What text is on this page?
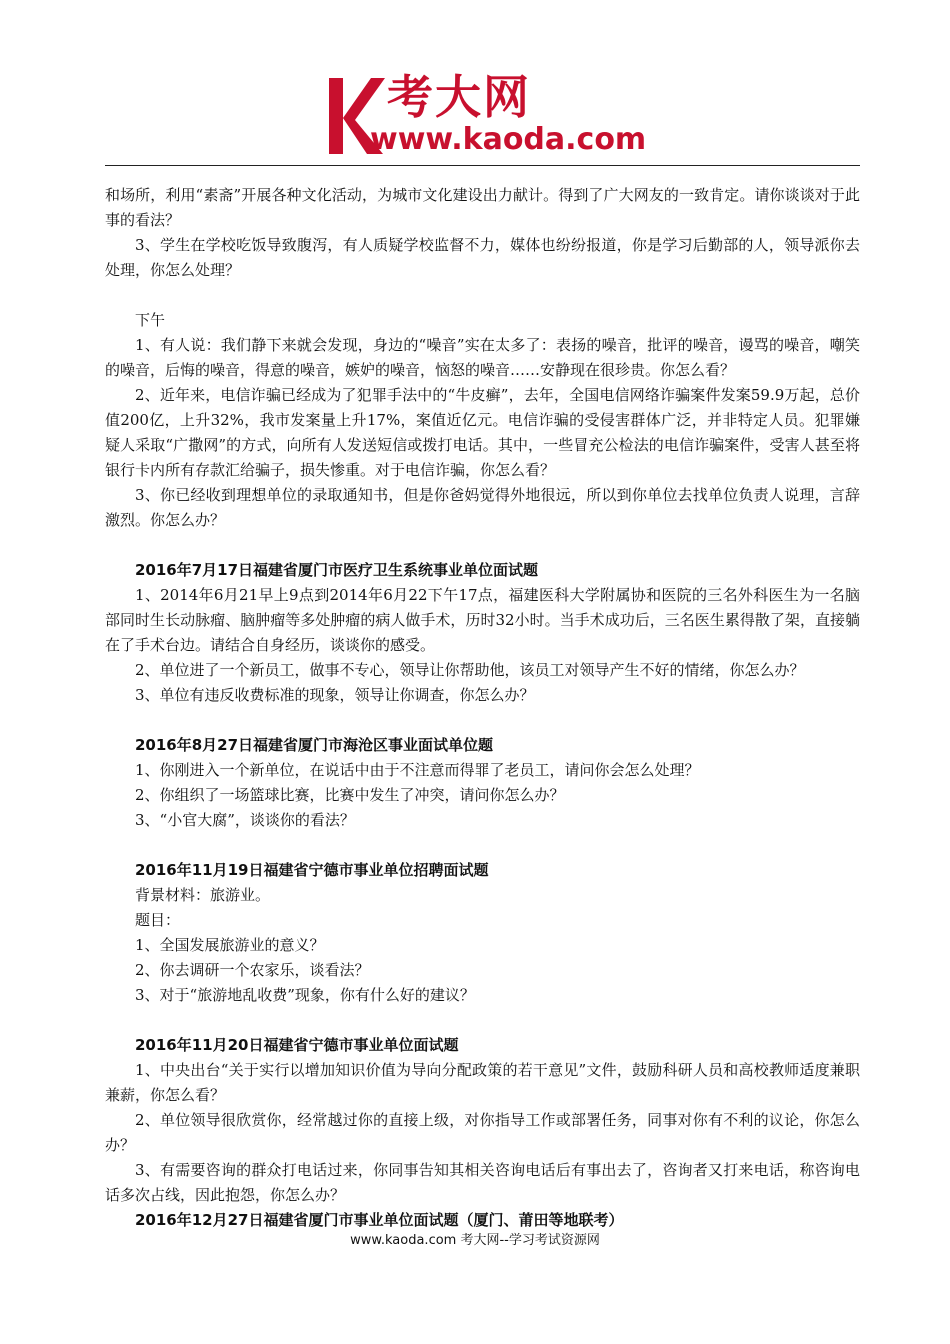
考大网
www.kaoda.com

和场所，利用“素斋”开展各种文化活动，为城市文化建设出力献计。得到了广大网友的一致肯定。请你谈谈对于此事的看法？

3、学生在学校吃饭导致腹泻，有人质疑学校监督不力，媒体也纷纷报道，你是学习后勤部的人，领导派你去处理，你怎么处理？

下午

1、有人说：我们静下来就会发现，身边的“噪音”实在太多了：表扬的噪音，批评的噪音，谩骂的噪音，嘲笑的噪音，后悔的噪音，得意的噪音，嫉妒的噪音，恼怒的噪音……安静现在很珍贵。你怎么看？

2、近年来，电信诈骗已经成为了犯罪手法中的“牛皮癣”，去年，全国电信网络诈骗案件发案59.9万起，总价值200亿，上升32%，我市发案量上升17%，案值近亿元。电信诈骗的受侵害群体广泛，并非特定人员。犯罪嫌疑人采取“广撒网”的方式，向所有人发送短信或拨打电话。其中，一些冒充公检法的电信诈骗案件，受害人甚至将银行卡内所有存款汇给骗子，损失惨重。对于电信诈骗，你怎么看？

3、你已经收到理想单位的录取通知书，但是你爸妈觉得外地很远，所以到你单位去找单位负责人说理，言辞激烈。你怎么办？

2016年7月17日福建省厦门市医疗卫生系统事业单位面试题

1、2014年6月21早上9点到2014年6月22下午17点，福建医科大学附属协和医院的三名外科医生为一名脑部同时生长动脉瘤、脑肿瘤等多处肿瘤的病人做手术，历时32小时。当手术成功后，三名医生累得散了架，直接躺在了手术台边。请结合自身经历，谈谈你的感受。

2、单位进了一个新员工，做事不专心，领导让你帮助他，该员工对领导产生不好的情绪，你怎么办？

3、单位有违反收费标准的现象，领导让你调查，你怎么办？

2016年8月27日福建省厦门市海沧区事业面试单位题

1、你刚进入一个新单位，在说话中由于不注意而得罪了老员工，请问你会怎么处理？

2、你组织了一场篮球比赛，比赛中发生了冲突，请问你怎么办？

3、“小官大腐”，谈谈你的看法？

2016年11月19日福建省宁德市事业单位招聘面试题

背景材料：旅游业。

题目：

1、全国发展旅游业的意义？

2、你去调研一个农家乐，谈看法？

3、对于“旅游地乱收费”现象，你有什么好的建议？

2016年11月20日福建省宁德市事业单位面试题

1、中央出台“关于实行以增加知识价值为导向分配政策的若干意见”文件，鼓励科研人员和高校教师适度兼职兼薪，你怎么看？

2、单位领导很欣赏你，经常越过你的直接上级，对你指导工作或部署任务，同事对你有不利的议论，你怎么办？

3、有需要咨询的群众打电话过来，你同事告知其相关咨询电话后有事出去了，咨询者又打来电话，称咨询电话多次占线，因此抱怨，你怎么办？

2016年12月27日福建省厦门市事业单位面试题（厦门、莆田等地联考）
www.kaoda.com 考大网--学习考试资源网
